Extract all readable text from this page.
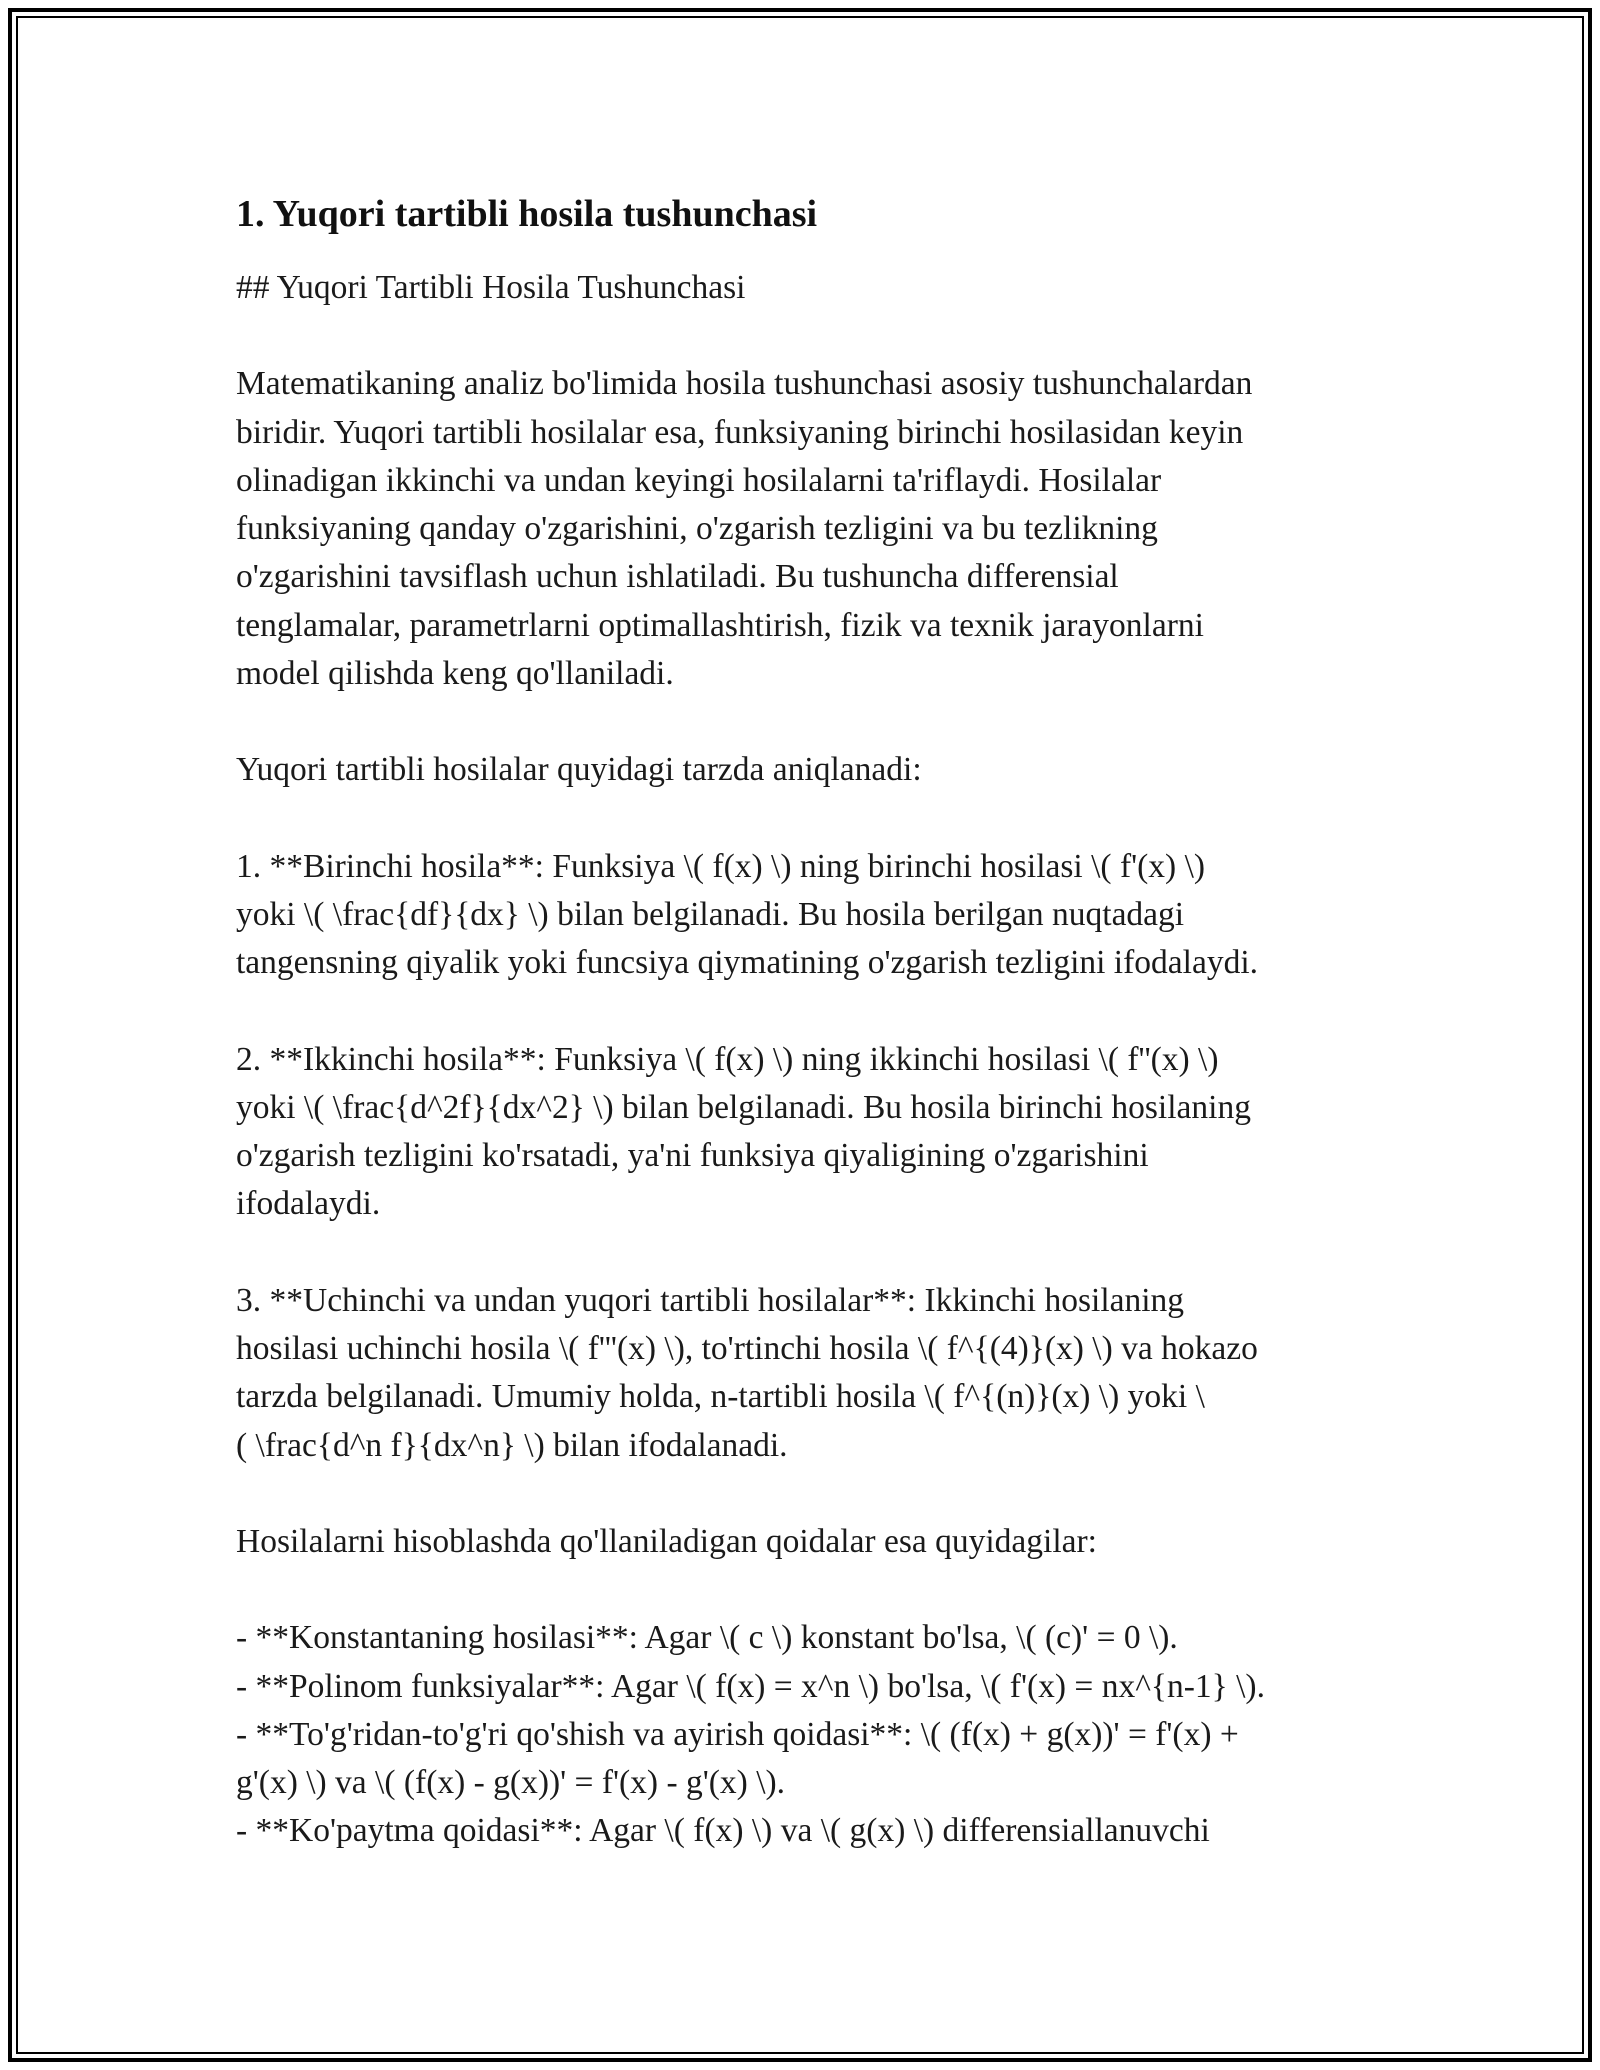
1. Yuqori tartibli hosila tushunchasi

## Yuqori Tartibli Hosila Tushunchasi

Matematikaning analiz bo'limida hosila tushunchasi asosiy tushunchalardan
biridir. Yuqori tartibli hosilalar esa, funksiyaning birinchi hosilasidan keyin
olinadigan ikkinchi va undan keyingi hosilalarni ta'riflaydi. Hosilalar
funksiyaning qanday o'zgarishini, o'zgarish tezligini va bu tezlikning
o'zgarishini tavsiflash uchun ishlatiladi. Bu tushuncha differensial
tenglamalar, parametrlarni optimallashtirish, fizik va texnik jarayonlarni
model qilishda keng qo'llaniladi.

Yuqori tartibli hosilalar quyidagi tarzda aniqlanadi:

1. **Birinchi hosila**: Funksiya \( f(x) \) ning birinchi hosilasi \( f'(x) \)
yoki \( \frac{df}{dx} \) bilan belgilanadi. Bu hosila berilgan nuqtadagi
tangensning qiyalik yoki funcsiya qiymatining o'zgarish tezligini ifodalaydi.

2. **Ikkinchi hosila**: Funksiya \( f(x) \) ning ikkinchi hosilasi \( f''(x) \)
yoki \( \frac{d^2f}{dx^2} \) bilan belgilanadi. Bu hosila birinchi hosilaning
o'zgarish tezligini ko'rsatadi, ya'ni funksiya qiyaligining o'zgarishini
ifodalaydi.

3. **Uchinchi va undan yuqori tartibli hosilalar**: Ikkinchi hosilaning
hosilasi uchinchi hosila \( f'''(x) \), to'rtinchi hosila \( f^{(4)}(x) \) va hokazo
tarzda belgilanadi. Umumiy holda, n-tartibli hosila \( f^{(n)}(x) \) yoki \
( \frac{d^n f}{dx^n} \) bilan ifodalanadi.

Hosilalarni hisoblashda qo'llaniladigan qoidalar esa quyidagilar:

- **Konstantaning hosilasi**: Agar \( c \) konstant bo'lsa, \( (c)' = 0 \).
- **Polinom funksiyalar**: Agar \( f(x) = x^n \) bo'lsa, \( f'(x) = nx^{n-1} \).
- **To'g'ridan-to'g'ri qo'shish va ayirish qoidasi**: \( (f(x) + g(x))' = f'(x) +
g'(x) \) va \( (f(x) - g(x))' = f'(x) - g'(x) \).
- **Ko'paytma qoidasi**: Agar \( f(x) \) va \( g(x) \) differensiallanuvchi
